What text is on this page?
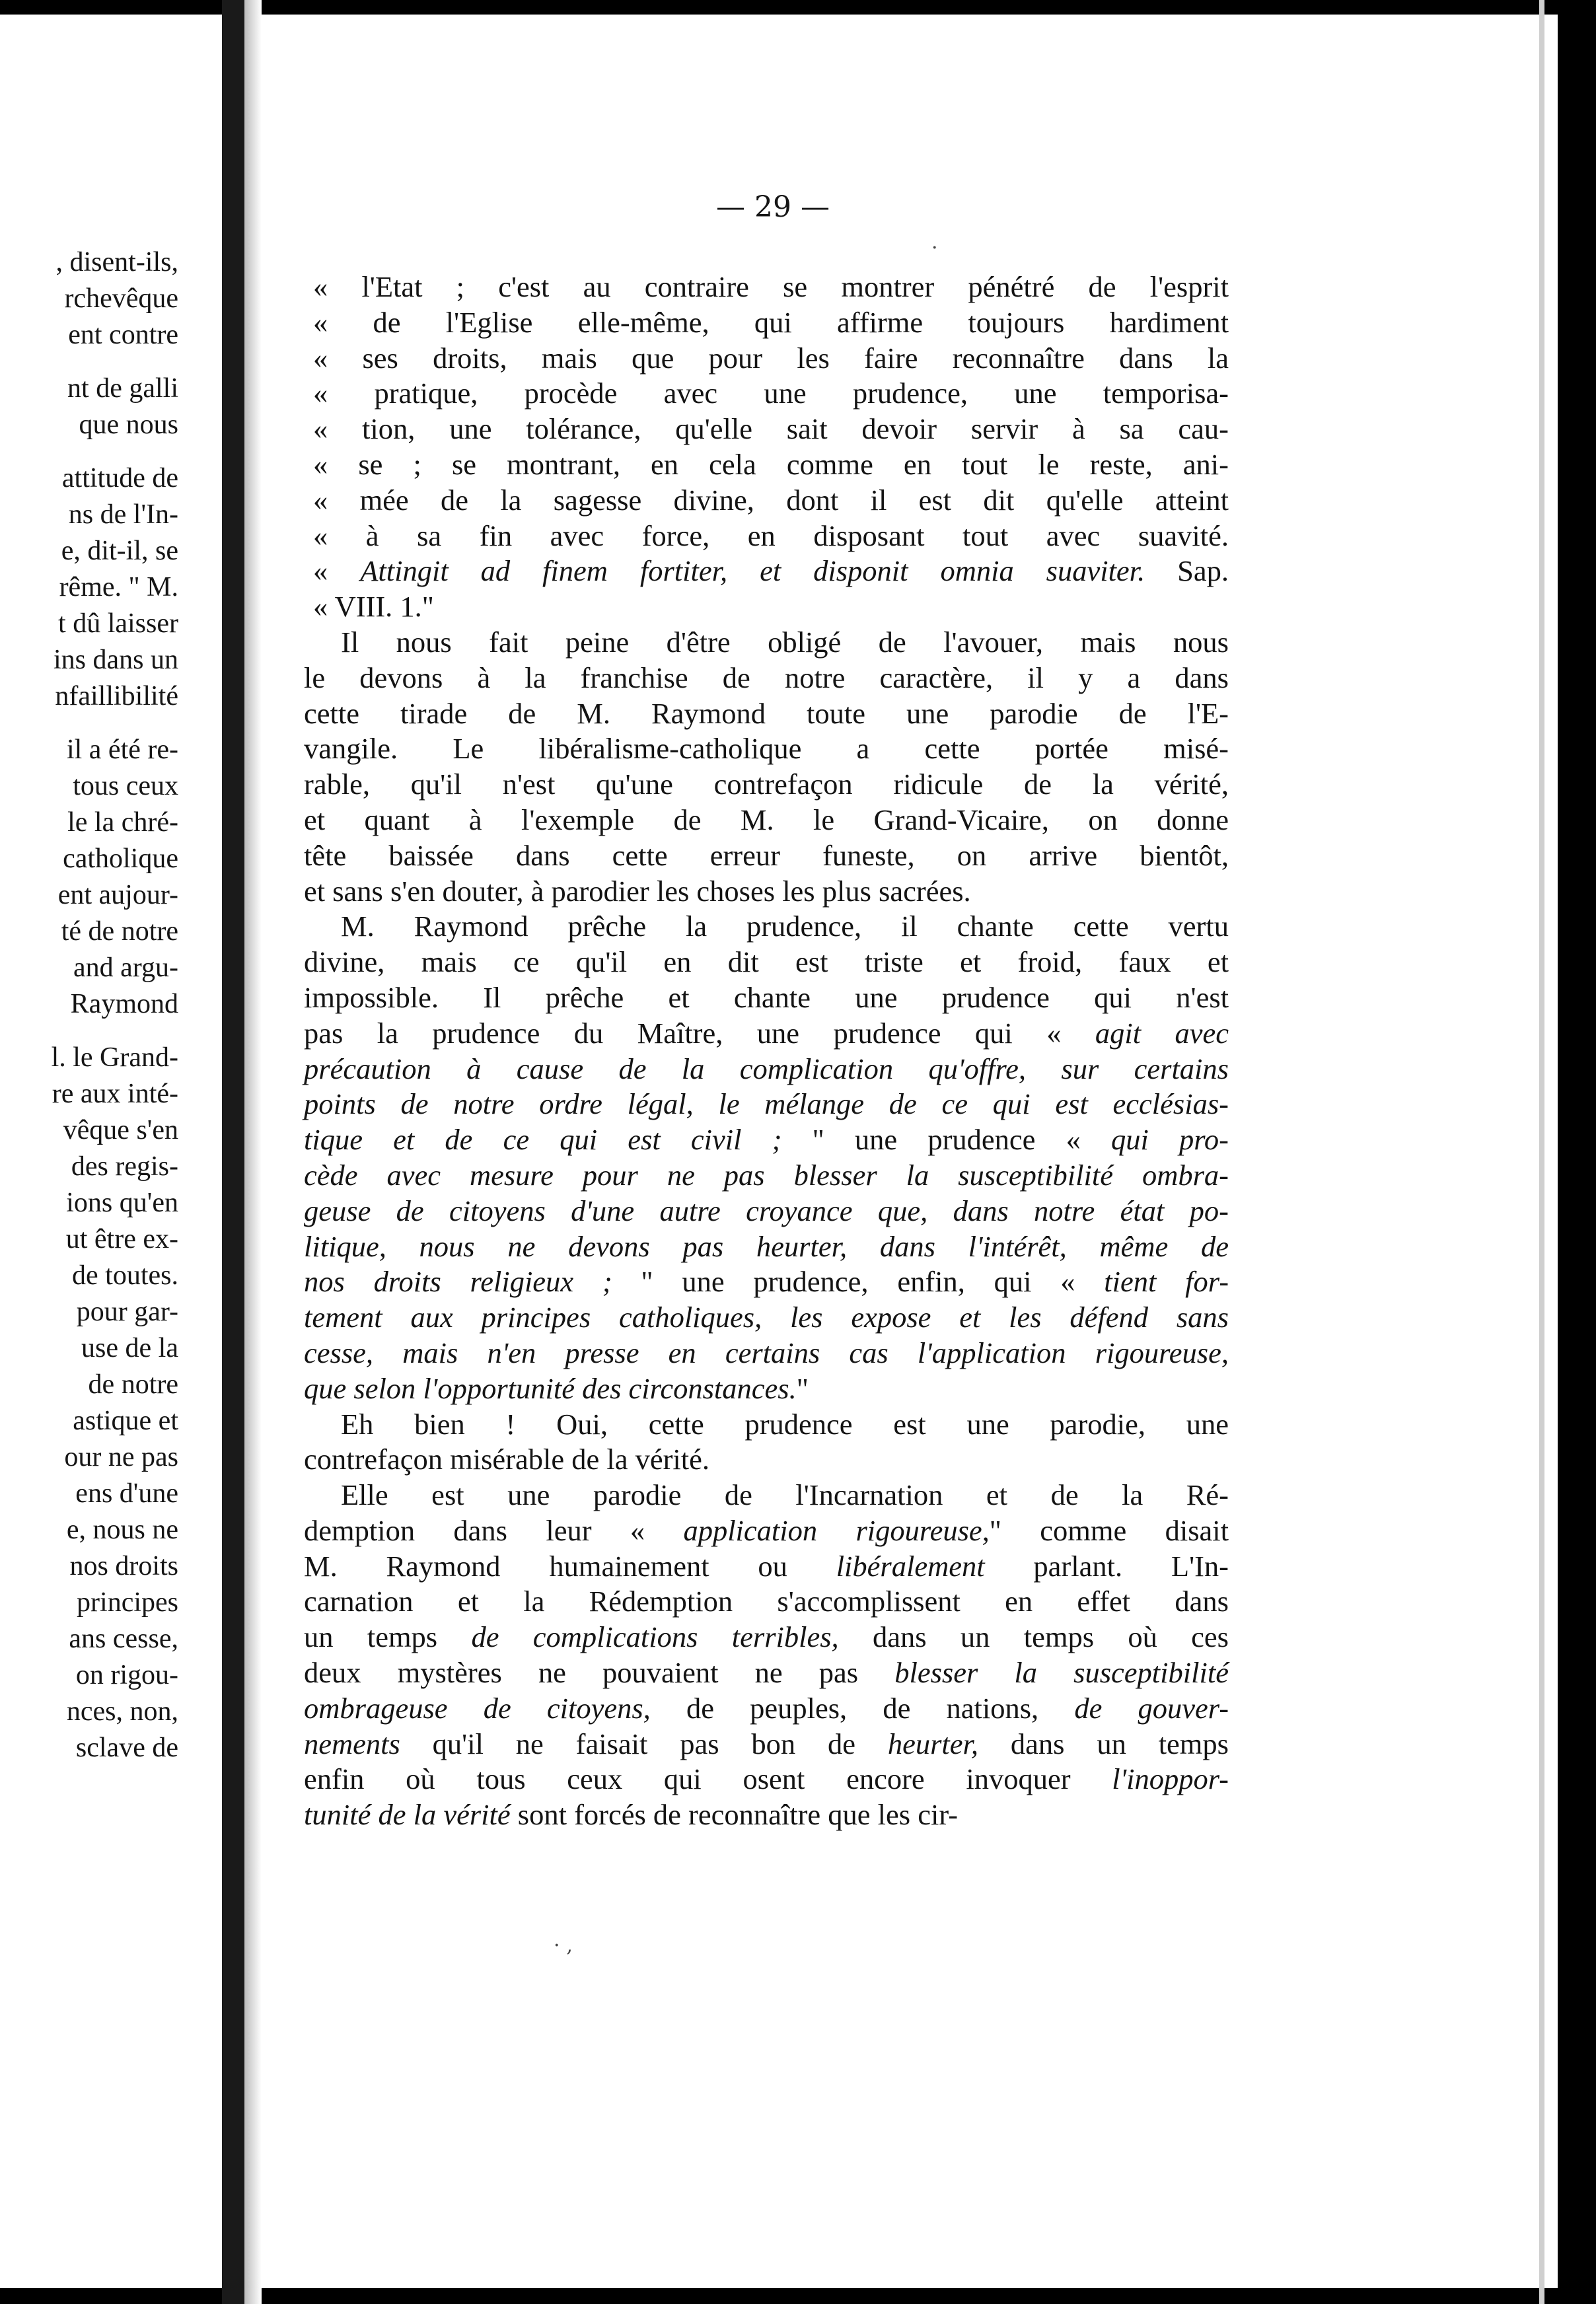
, disent-ils,
rchevêque
ent contre
nt de galli
que nous
attitude de
ns de l'In-
e, dit-il, se
rême. " M.
t dû laisser
ins dans un
nfaillibilité
il a été re-
tous ceux
le la chré-
catholique
ent aujour-
té de notre
and argu-
Raymond
l. le Grand-
re aux inté-
vêque s'en
des regis-
ions qu'en
ut être ex-
de toutes.
pour gar-
use de la
de notre
astique et
our ne pas
ens d'une
e, nous ne
nos droits
principes
ans cesse,
on rigou-
nces, non,
sclave de
— 29 —
« l'Etat ; c'est au contraire se montrer pénétré de l'esprit
« de l'Eglise elle-même, qui affirme toujours hardiment
« ses droits, mais que pour les faire reconnaître dans la
« pratique, procède avec une prudence, une temporisa-
« tion, une tolérance, qu'elle sait devoir servir à sa cau-
« se ; se montrant, en cela comme en tout le reste, ani-
« mée de la sagesse divine, dont il est dit qu'elle atteint
« à sa fin avec force, en disposant tout avec suavité.
« Attingit ad finem fortiter, et disponit omnia suaviter. Sap.
« VIII. 1."
Il nous fait peine d'être obligé de l'avouer, mais nous
le devons à la franchise de notre caractère, il y a dans
cette tirade de M. Raymond toute une parodie de l'E-
vangile. Le libéralisme-catholique a cette portée misé-
rable, qu'il n'est qu'une contrefaçon ridicule de la vérité,
et quant à l'exemple de M. le Grand-Vicaire, on donne
tête baissée dans cette erreur funeste, on arrive bientôt,
et sans s'en douter, à parodier les choses les plus sacrées.
M. Raymond prêche la prudence, il chante cette vertu
divine, mais ce qu'il en dit est triste et froid, faux et
impossible. Il prêche et chante une prudence qui n'est
pas la prudence du Maître, une prudence qui « agit avec
précaution à cause de la complication qu'offre, sur certains
points de notre ordre légal, le mélange de ce qui est ecclésias-
tique et de ce qui est civil ; " une prudence « qui pro-
cède avec mesure pour ne pas blesser la susceptibilité ombra-
geuse de citoyens d'une autre croyance que, dans notre état po-
litique, nous ne devons pas heurter, dans l'intérêt, même de
nos droits religieux ; " une prudence, enfin, qui « tient for-
tement aux principes catholiques, les expose et les défend sans
cesse, mais n'en presse en certains cas l'application rigoureuse,
que selon l'opportunité des circonstances."
Eh bien ! Oui, cette prudence est une parodie, une
contrefaçon misérable de la vérité.
Elle est une parodie de l'Incarnation et de la Ré-
demption dans leur « application rigoureuse," comme disait
M. Raymond humainement ou libéralement parlant. L'In-
carnation et la Rédemption s'accomplissent en effet dans
un temps de complications terribles, dans un temps où ces
deux mystères ne pouvaient ne pas blesser la susceptibilité
ombrageuse de citoyens, de peuples, de nations, de gouver-
nements qu'il ne faisait pas bon de heurter, dans un temps
enfin où tous ceux qui osent encore invoquer l'inoppor-
tunité de la vérité sont forcés de reconnaître que les cir-
·
· ‚
